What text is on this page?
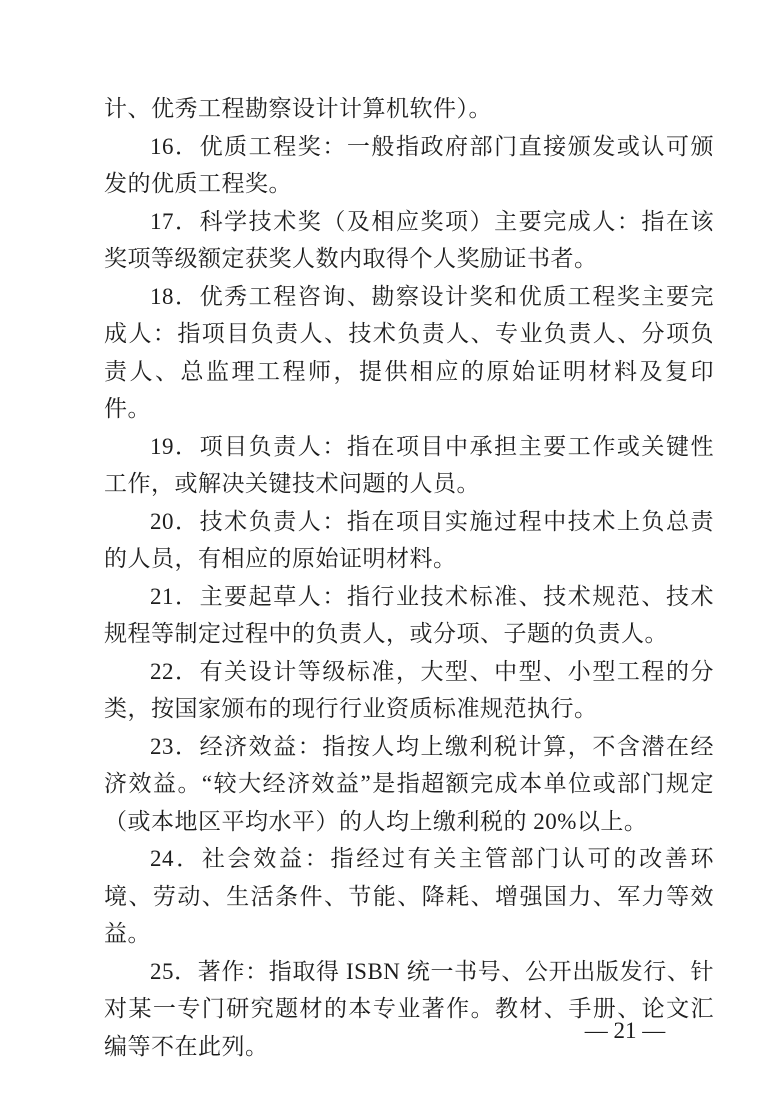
计、优秀工程勘察设计计算机软件）。

16．优质工程奖：一般指政府部门直接颁发或认可颁发的优质工程奖。

17．科学技术奖（及相应奖项）主要完成人：指在该奖项等级额定获奖人数内取得个人奖励证书者。

18．优秀工程咨询、勘察设计奖和优质工程奖主要完成人：指项目负责人、技术负责人、专业负责人、分项负责人、总监理工程师，提供相应的原始证明材料及复印件。

19．项目负责人：指在项目中承担主要工作或关键性工作，或解决关键技术问题的人员。

20．技术负责人：指在项目实施过程中技术上负总责的人员，有相应的原始证明材料。

21．主要起草人：指行业技术标准、技术规范、技术规程等制定过程中的负责人，或分项、子题的负责人。

22．有关设计等级标准，大型、中型、小型工程的分类，按国家颁布的现行行业资质标准规范执行。

23．经济效益：指按人均上缴利税计算，不含潜在经济效益。“较大经济效益”是指超额完成本单位或部门规定（或本地区平均水平）的人均上缴利税的 20%以上。

24．社会效益：指经过有关主管部门认可的改善环境、劳动、生活条件、节能、降耗、增强国力、军力等效益。

25．著作：指取得 ISBN 统一书号、公开出版发行、针对某一专门研究题材的本专业著作。教材、手册、论文汇编等不在此列。

— 21 —
